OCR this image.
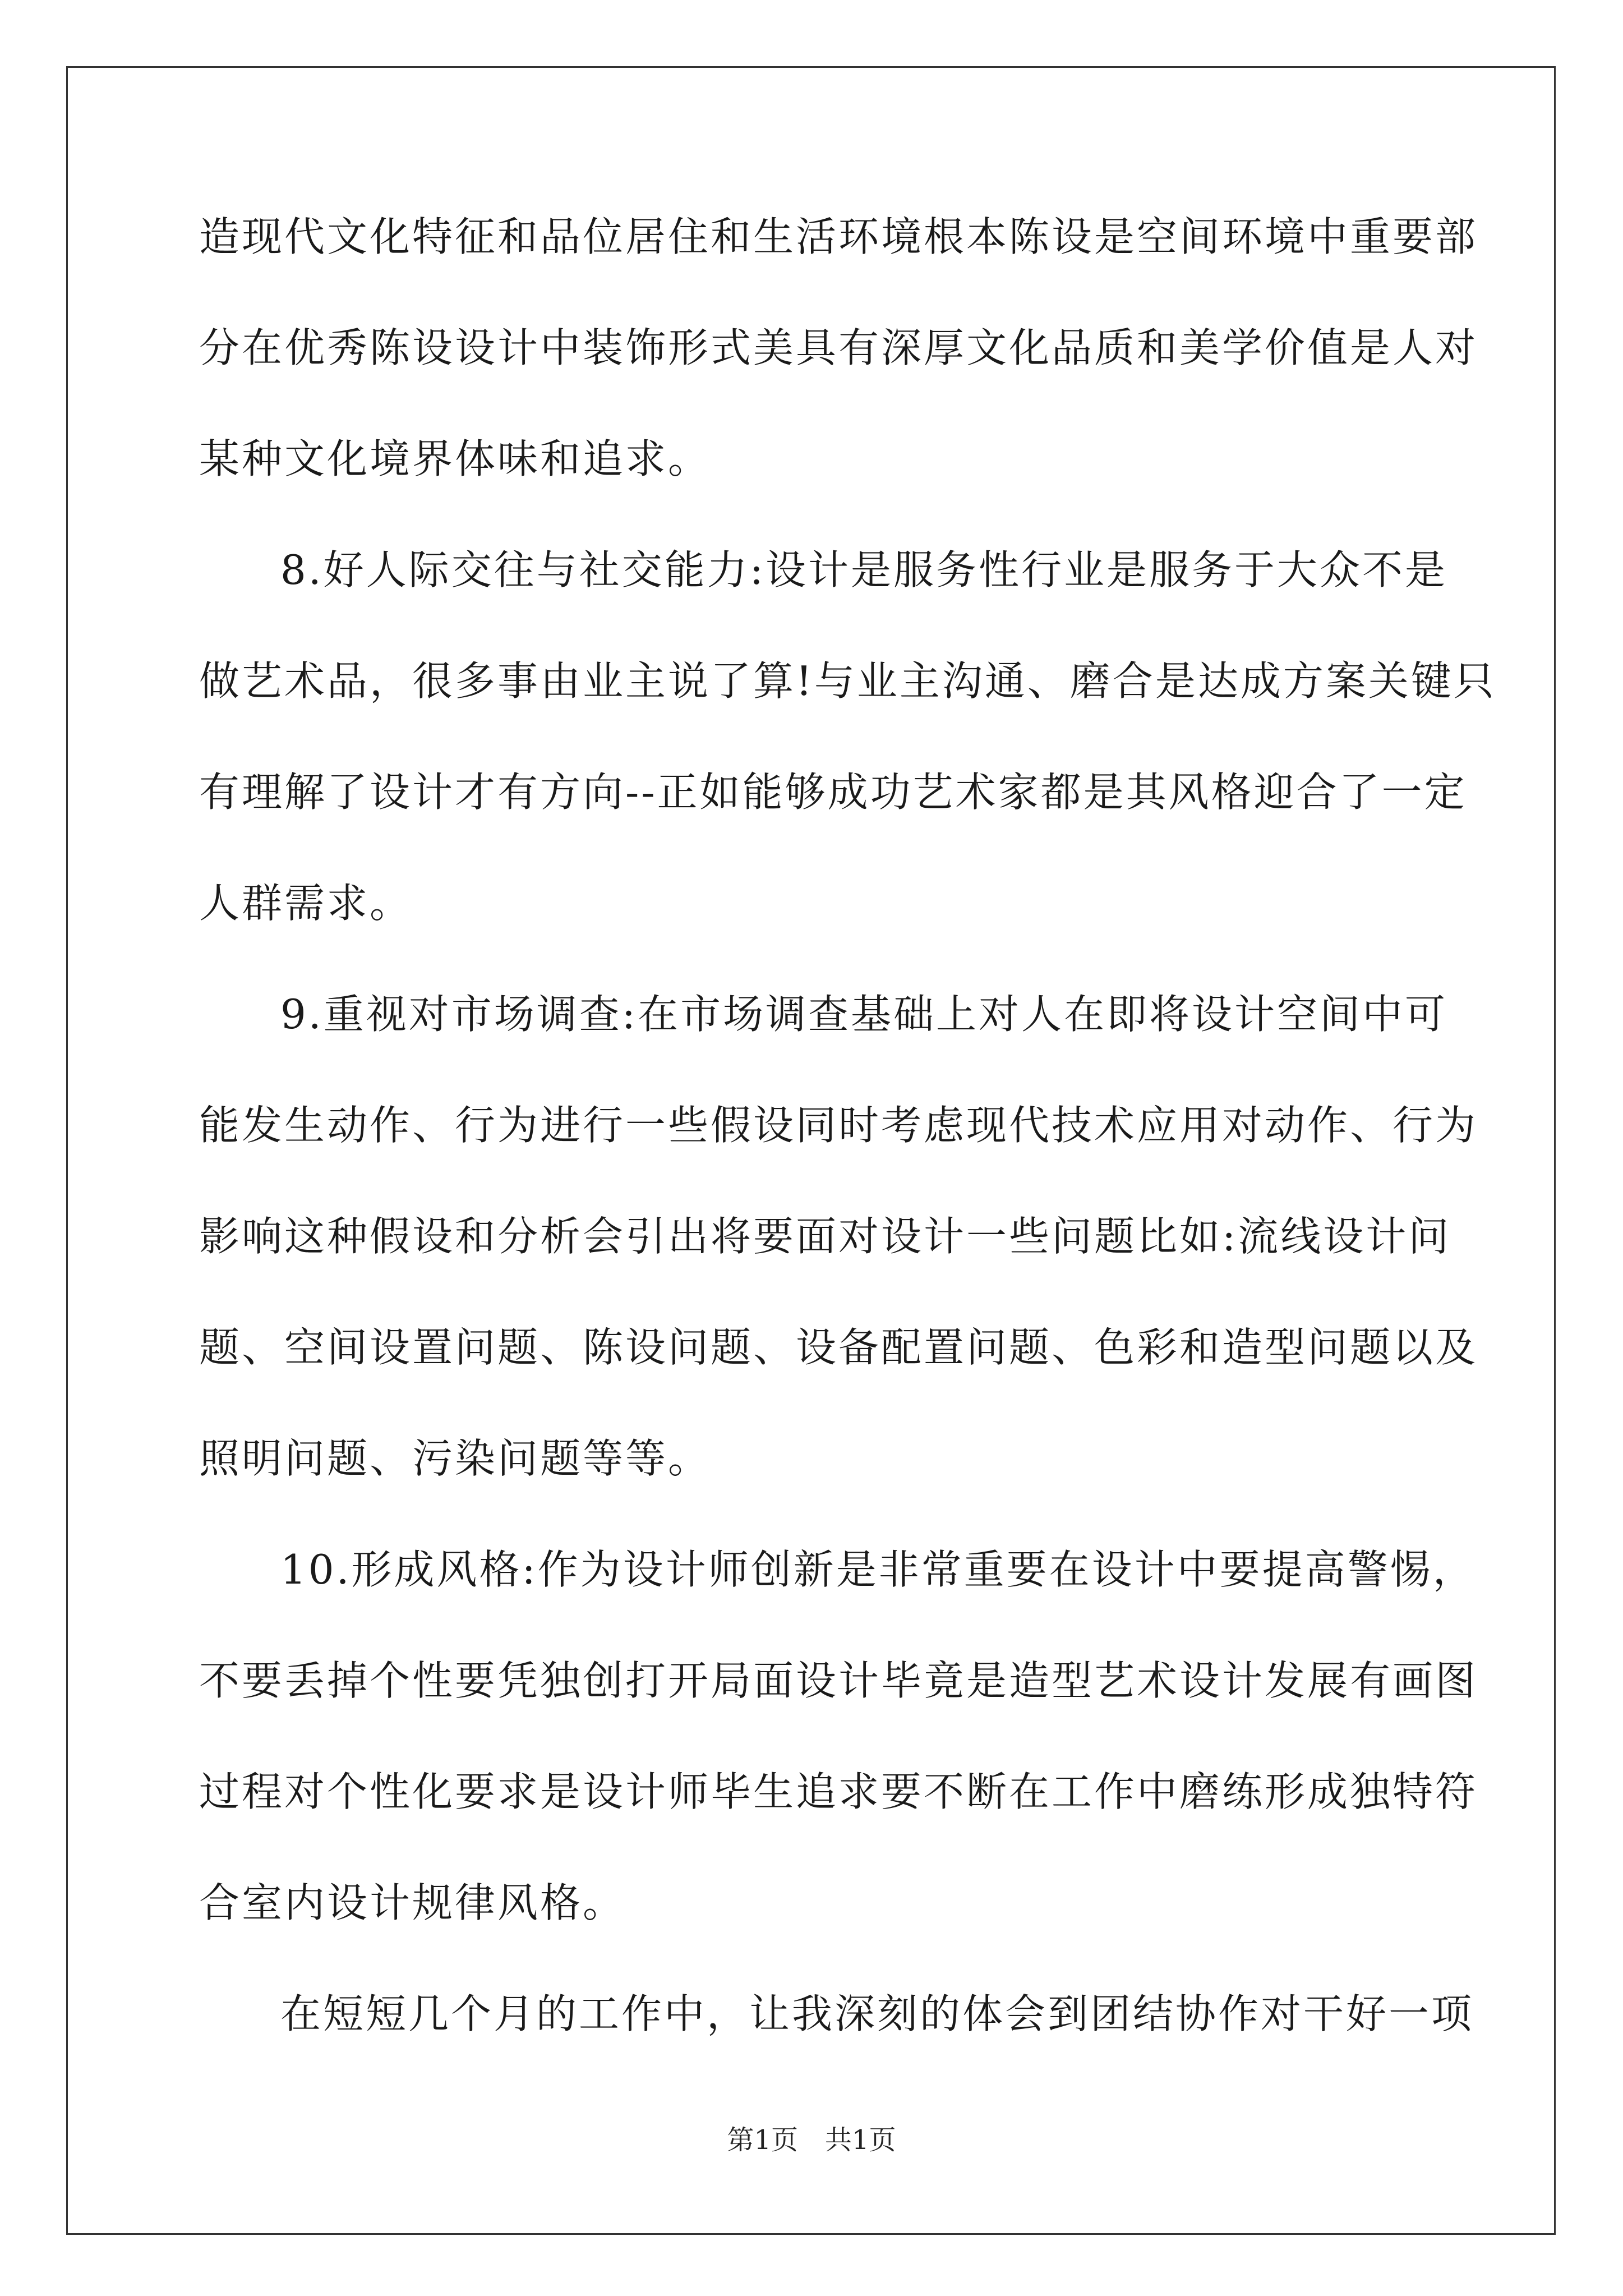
造现代文化特征和品位居住和生活环境根本陈设是空间环境中重要部
分在优秀陈设设计中装饰形式美具有深厚文化品质和美学价值是人对
某种文化境界体味和追求。
8.好人际交往与社交能力:设计是服务性行业是服务于大众不是
做艺术品，很多事由业主说了算!与业主沟通、磨合是达成方案关键只
有理解了设计才有方向--正如能够成功艺术家都是其风格迎合了一定
人群需求。
9.重视对市场调查:在市场调查基础上对人在即将设计空间中可
能发生动作、行为进行一些假设同时考虑现代技术应用对动作、行为
影响这种假设和分析会引出将要面对设计一些问题比如:流线设计问
题、空间设置问题、陈设问题、设备配置问题、色彩和造型问题以及
照明问题、污染问题等等。
10.形成风格:作为设计师创新是非常重要在设计中要提高警惕，
不要丢掉个性要凭独创打开局面设计毕竟是造型艺术设计发展有画图
过程对个性化要求是设计师毕生追求要不断在工作中磨练形成独特符
合室内设计规律风格。
在短短几个月的工作中，让我深刻的体会到团结协作对干好一项
第1页　共1页
